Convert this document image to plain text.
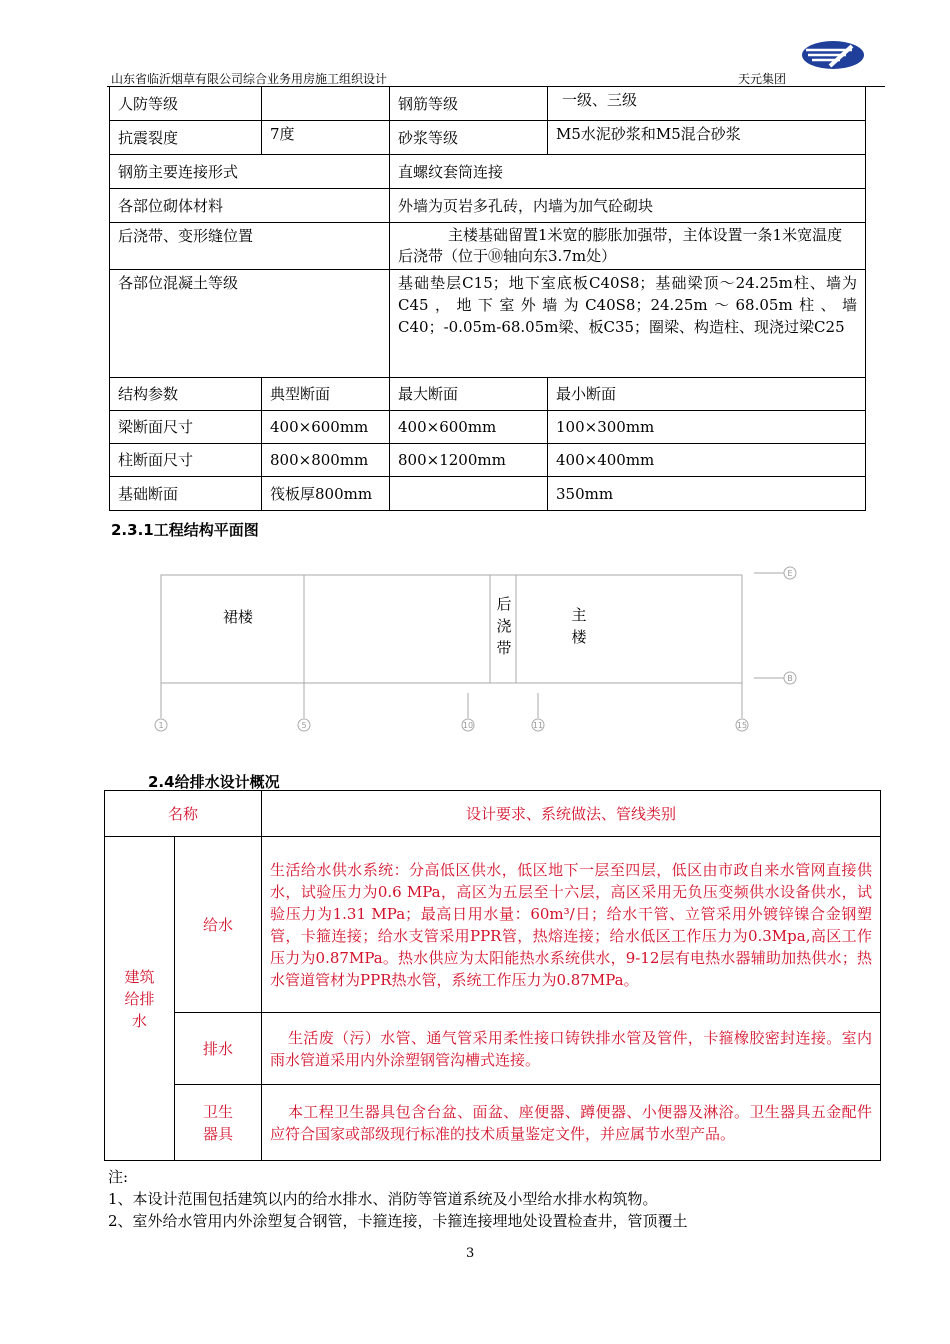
山东省临沂烟草有限公司综合业务用房施工组织设计	天元集团
人防等级		钢筋等级	一级、三级
抗震裂度	7度	砂浆等级	M5水泥砂浆和M5混合砂浆
钢筋主要连接形式		直螺纹套筒连接	
各部位砌体材料		外墙为页岩多孔砖，内墙为加气砼砌块	
后浇带、变形缝位置		主楼基础留置1米宽的膨胀加强带，主体设置一条1米宽温度后浇带（位于⑩轴向东3.7m处）	
各部位混凝土等级		基础垫层C15；地下室底板C40S8；基础梁顶～24.25m柱、墙为C45，地下室外墙为C40S8；24.25m～68.05m柱、墙C40；-0.05m-68.05m梁、板C35；圈梁、构造柱、现浇过梁C25	
结构参数	典型断面	最大断面	最小断面
梁断面尺寸	400×600mm	400×600mm	100×300mm
柱断面尺寸	800×800mm	800×1200mm	400×400mm
基础断面	筏板厚800mm		350mm
2.3.1工程结构平面图
1	5	10	11	15
E
B
裙楼
后
浇
带
主
楼
2.4给排水设计概况
名称		设计要求、系统做法、管线类别
建筑给排水	给水	生活给水供水系统：分高低区供水，低区地下一层至四层，低区由市政自来水管网直接供水，试验压力为0.6 MPa，高区为五层至十六层，高区采用无负压变频供水设备供水，试验压力为1.31 MPa；最高日用水量：60m³/日；给水干管、立管采用外镀锌镍合金钢塑管，卡箍连接；给水支管采用PPR管，热熔连接；给水低区工作压力为0.3Mpa,高区工作压力为0.87MPa。热水供应为太阳能热水系统供水，9-12层有电热水器辅助加热供水；热水管道管材为PPR热水管，系统工作压力为0.87MPa。
	排水	生活废（污）水管、通气管采用柔性接口铸铁排水管及管件，卡箍橡胶密封连接。室内雨水管道采用内外涂塑钢管沟槽式连接。
	卫生器具	本工程卫生器具包含台盆、面盆、座便器、蹲便器、小便器及淋浴。卫生器具五金配件应符合国家或部级现行标准的技术质量鉴定文件，并应属节水型产品。
注:
1、本设计范围包括建筑以内的给水排水、消防等管道系统及小型给水排水构筑物。
2、室外给水管用内外涂塑复合钢管，卡箍连接，卡箍连接埋地处设置检查井，管顶覆土
3
